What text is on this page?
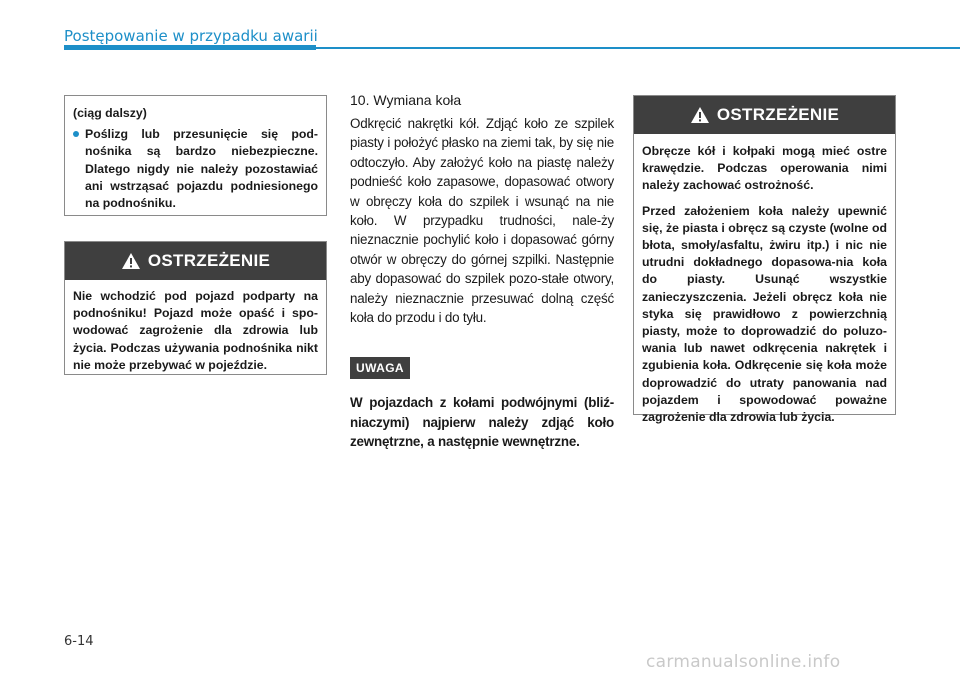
Postępowanie w przypadku awarii

(ciąg dalszy)

Poślizg lub przesunięcie się pod-nośnika są bardzo niebezpieczne. Dlatego nigdy nie należy pozostawiać ani wstrząsać pojazdu podniesionego na podnośniku.

OSTRZEŻENIE

Nie wchodzić pod pojazd podparty na podnośniku! Pojazd może opaść i spo-wodować zagrożenie dla zdrowia lub życia. Podczas używania podnośnika nikt nie może przebywać w pojeździe.

10. Wymiana koła

Odkręcić nakrętki kół. Zdjąć koło ze szpilek piasty i położyć płasko na ziemi tak, by się nie odtoczyło. Aby założyć koło na piastę należy podnieść koło zapasowe, dopasować otwory w obręczy koła do szpilek i wsunąć na nie koło. W przypadku trudności, nale-ży nieznacznie pochylić koło i dopasować górny otwór w obręczy do górnej szpilki. Następnie aby dopasować do szpilek pozo-stałe otwory, należy nieznacznie przesuwać dolną część koła do przodu i do tyłu.

UWAGA

W pojazdach z kołami podwójnymi (bliź-niaczymi) najpierw należy zdjąć koło zewnętrzne, a następnie wewnętrzne.

OSTRZEŻENIE

Obręcze kół i kołpaki mogą mieć ostre krawędzie. Podczas operowania nimi należy zachować ostrożność.

Przed założeniem koła należy upewnić się, że piasta i obręcz są czyste (wolne od błota, smoły/asfaltu, żwiru itp.) i nic nie utrudni dokładnego dopasowa-nia koła do piasty. Usunąć wszystkie zanieczyszczenia. Jeżeli obręcz koła nie styka się prawidłowo z powierzchnią piasty, może to doprowadzić do poluzo-wania lub nawet odkręcenia nakrętek i zgubienia koła. Odkręcenie się koła może doprowadzić do utraty panowania nad pojazdem i spowodować poważne zagrożenie dla zdrowia lub życia.

6-14
carmanualsonline.info
